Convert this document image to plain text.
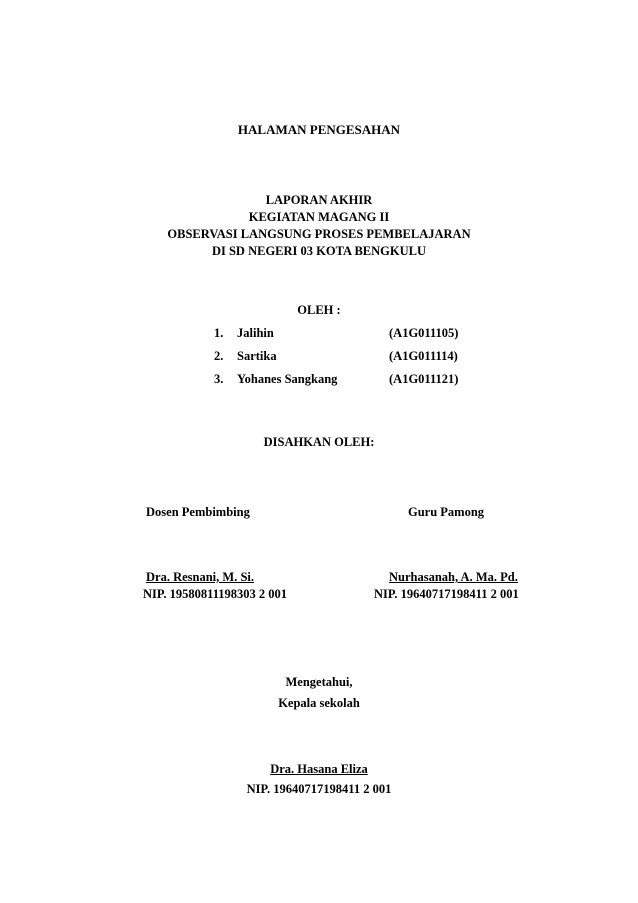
HALAMAN PENGESAHAN
LAPORAN AKHIR
KEGIATAN MAGANG II
OBSERVASI LANGSUNG PROSES PEMBELAJARAN
DI SD NEGERI 03 KOTA BENGKULU
OLEH :
1.	Jalihin	(A1G011105)
2.	Sartika	(A1G011114)
3.	Yohanes Sangkang	(A1G011121)
DISAHKAN OLEH:
Dosen Pembimbing
Dra. Resnani, M. Si.
NIP. 19580811198303 2 001
Guru Pamong
Nurhasanah, A. Ma. Pd.
NIP. 19640717198411 2 001
Mengetahui,
Kepala sekolah
Dra. Hasana Eliza
NIP. 19640717198411 2 001
